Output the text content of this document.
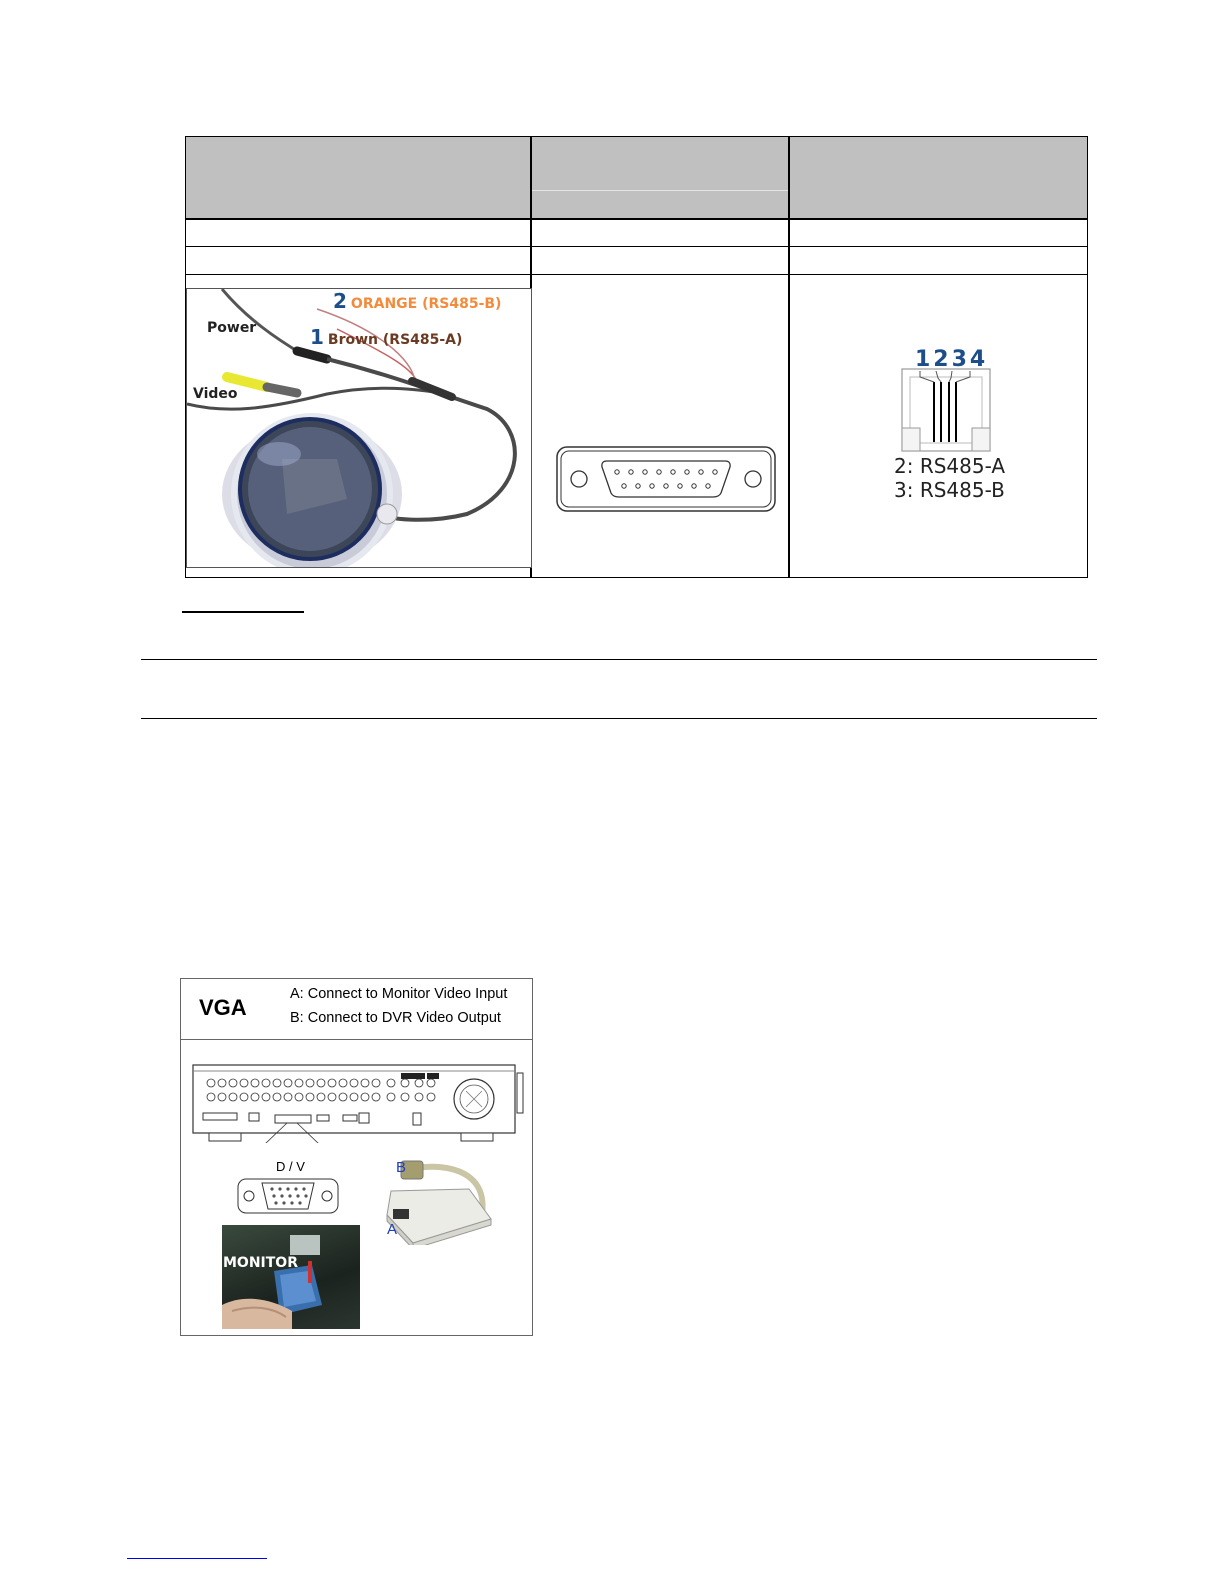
Power
Video
2 ORANGE (RS485-B)
1 Brown (RS485-A)
1234
2: RS485-A
3: RS485-B
VGA
A: Connect to Monitor Video Input
B: Connect to DVR Video Output
D / V	B
A
MONITOR
